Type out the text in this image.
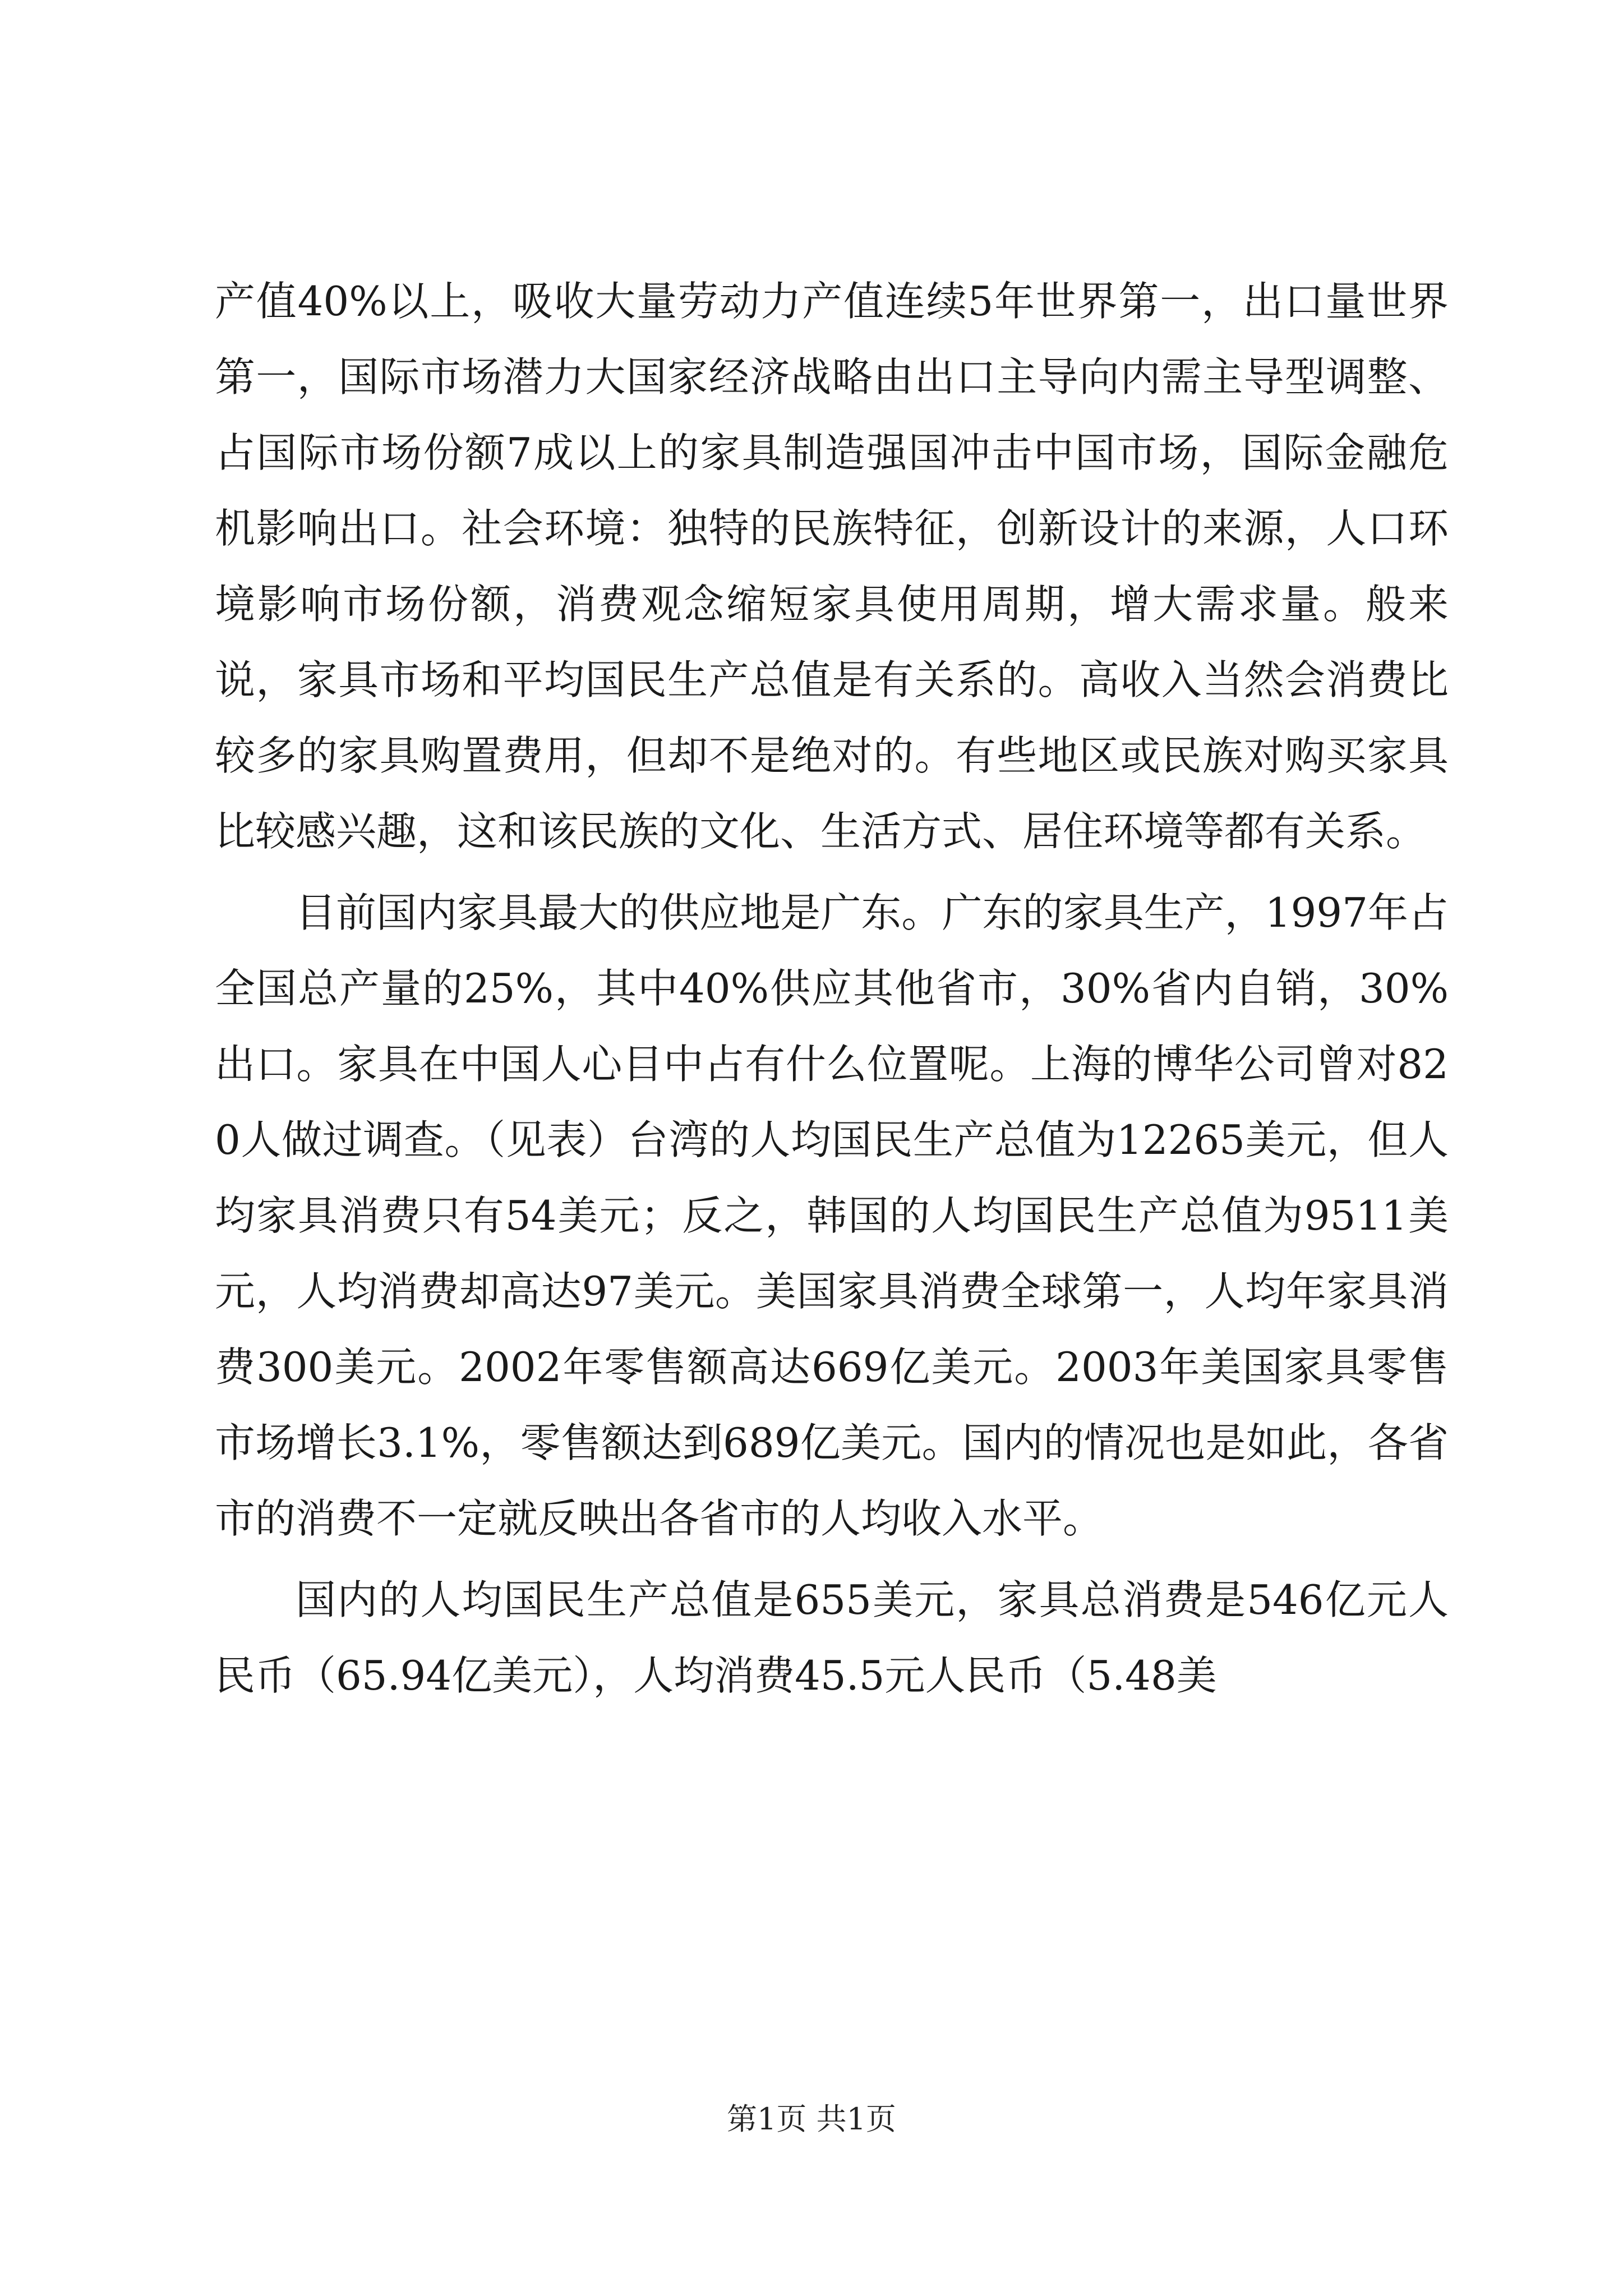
产值40%以上，吸收大量劳动力产值连续5年世界第一，出口量世界第一，国际市场潜力大国家经济战略由出口主导向内需主导型调整、占国际市场份额7成以上的家具制造强国冲击中国市场，国际金融危机影响出口。社会环境：独特的民族特征，创新设计的来源，人口环境影响市场份额，消费观念缩短家具使用周期，增大需求量。般来说，家具市场和平均国民生产总值是有关系的。高收入当然会消费比较多的家具购置费用，但却不是绝对的。有些地区或民族对购买家具比较感兴趣，这和该民族的文化、生活方式、居住环境等都有关系。

目前国内家具最大的供应地是广东。广东的家具生产，1997年占全国总产量的25%，其中40%供应其他省市，30%省内自销，30%出口。家具在中国人心目中占有什么位置呢。上海的博华公司曾对820人做过调查。（见表）台湾的人均国民生产总值为12265美元，但人均家具消费只有54美元；反之，韩国的人均国民生产总值为9511美元，人均消费却高达97美元。美国家具消费全球第一，人均年家具消费300美元。2002年零售额高达669亿美元。2003年美国家具零售市场增长3.1%，零售额达到689亿美元。国内的情况也是如此，各省市的消费不一定就反映出各省市的人均收入水平。

国内的人均国民生产总值是655美元，家具总消费是546亿元人民币（65.94亿美元），人均消费45.5元人民币（5.48美

第1页 共1页
